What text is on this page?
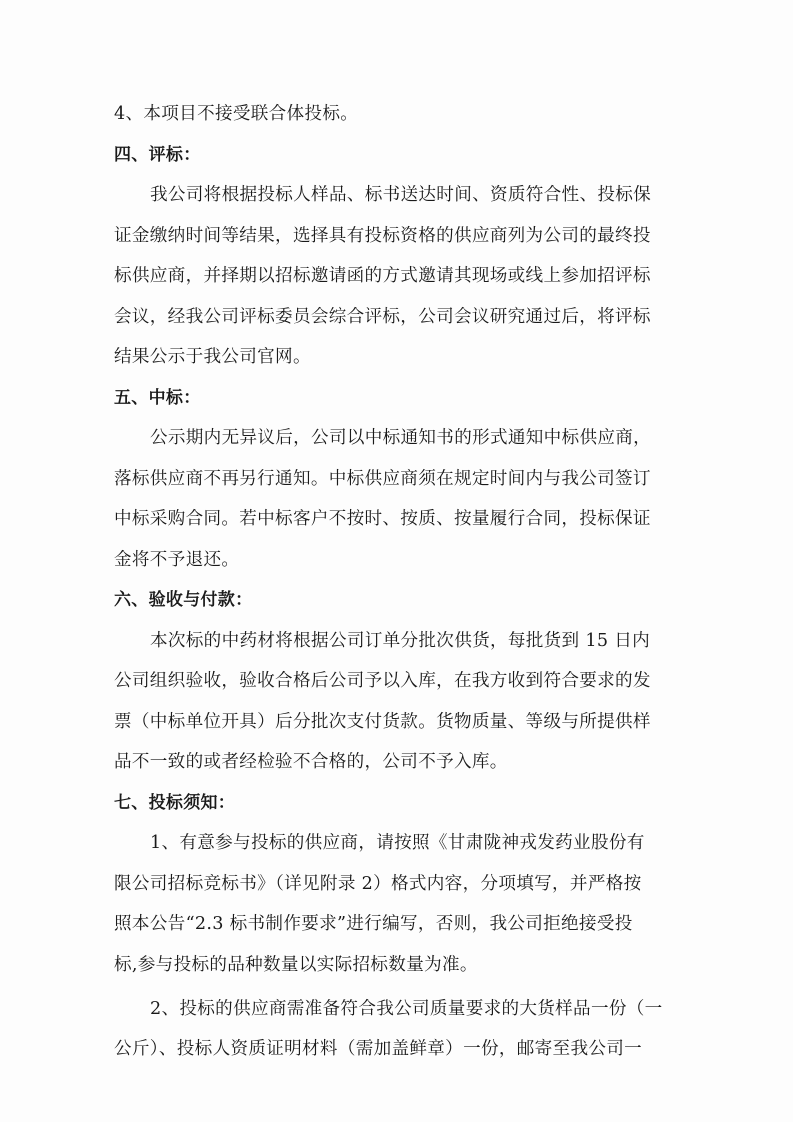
4、本项目不接受联合体投标。

四、评标：

我公司将根据投标人样品、标书送达时间、资质符合性、投标保

证金缴纳时间等结果，选择具有投标资格的供应商列为公司的最终投

标供应商，并择期以招标邀请函的方式邀请其现场或线上参加招评标

会议，经我公司评标委员会综合评标，公司会议研究通过后，将评标

结果公示于我公司官网。

五、中标：

公示期内无异议后，公司以中标通知书的形式通知中标供应商，

落标供应商不再另行通知。中标供应商须在规定时间内与我公司签订

中标采购合同。若中标客户不按时、按质、按量履行合同，投标保证

金将不予退还。

六、验收与付款：

本次标的中药材将根据公司订单分批次供货，每批货到 15 日内

公司组织验收，验收合格后公司予以入库，在我方收到符合要求的发

票（中标单位开具）后分批次支付货款。货物质量、等级与所提供样

品不一致的或者经检验不合格的，公司不予入库。

七、投标须知：

1、有意参与投标的供应商，请按照《甘肃陇神戎发药业股份有

限公司招标竞标书》（详见附录 2）格式内容，分项填写，并严格按

照本公告“2.3 标书制作要求”进行编写，否则，我公司拒绝接受投

标,参与投标的品种数量以实际招标数量为准。

2、投标的供应商需准备符合我公司质量要求的大货样品一份（一

公斤）、投标人资质证明材料（需加盖鲜章）一份，邮寄至我公司一
